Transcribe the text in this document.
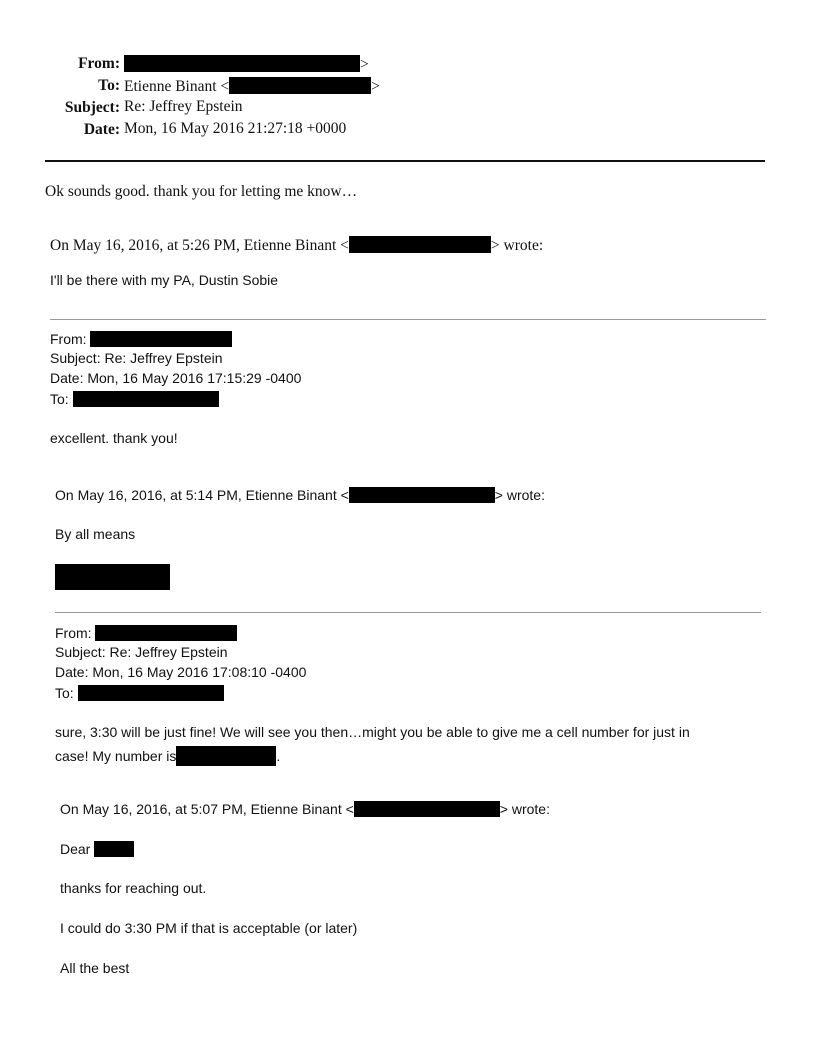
From:	>
To: Etienne Binant <	>
Subject: Re: Jeffrey Epstein
Date: Mon, 16 May 2016 21:27:18 +0000
Ok sounds good. thank you for letting me know…
On May 16, 2016, at 5:26 PM, Etienne Binant <	> wrote:
I'll be there with my PA, Dustin Sobie
From:
Subject: Re: Jeffrey Epstein
Date: Mon, 16 May 2016 17:15:29 -0400
To:
excellent. thank you!
On May 16, 2016, at 5:14 PM, Etienne Binant <	> wrote:
By all means
From:
Subject: Re: Jeffrey Epstein
Date: Mon, 16 May 2016 17:08:10 -0400
To:
sure, 3:30 will be just fine! We will see you then…might you be able to give me a cell number for just in
case! My number is	.
On May 16, 2016, at 5:07 PM, Etienne Binant <	> wrote:
Dear
thanks for reaching out.
I could do 3:30 PM if that is acceptable (or later)
All the best
